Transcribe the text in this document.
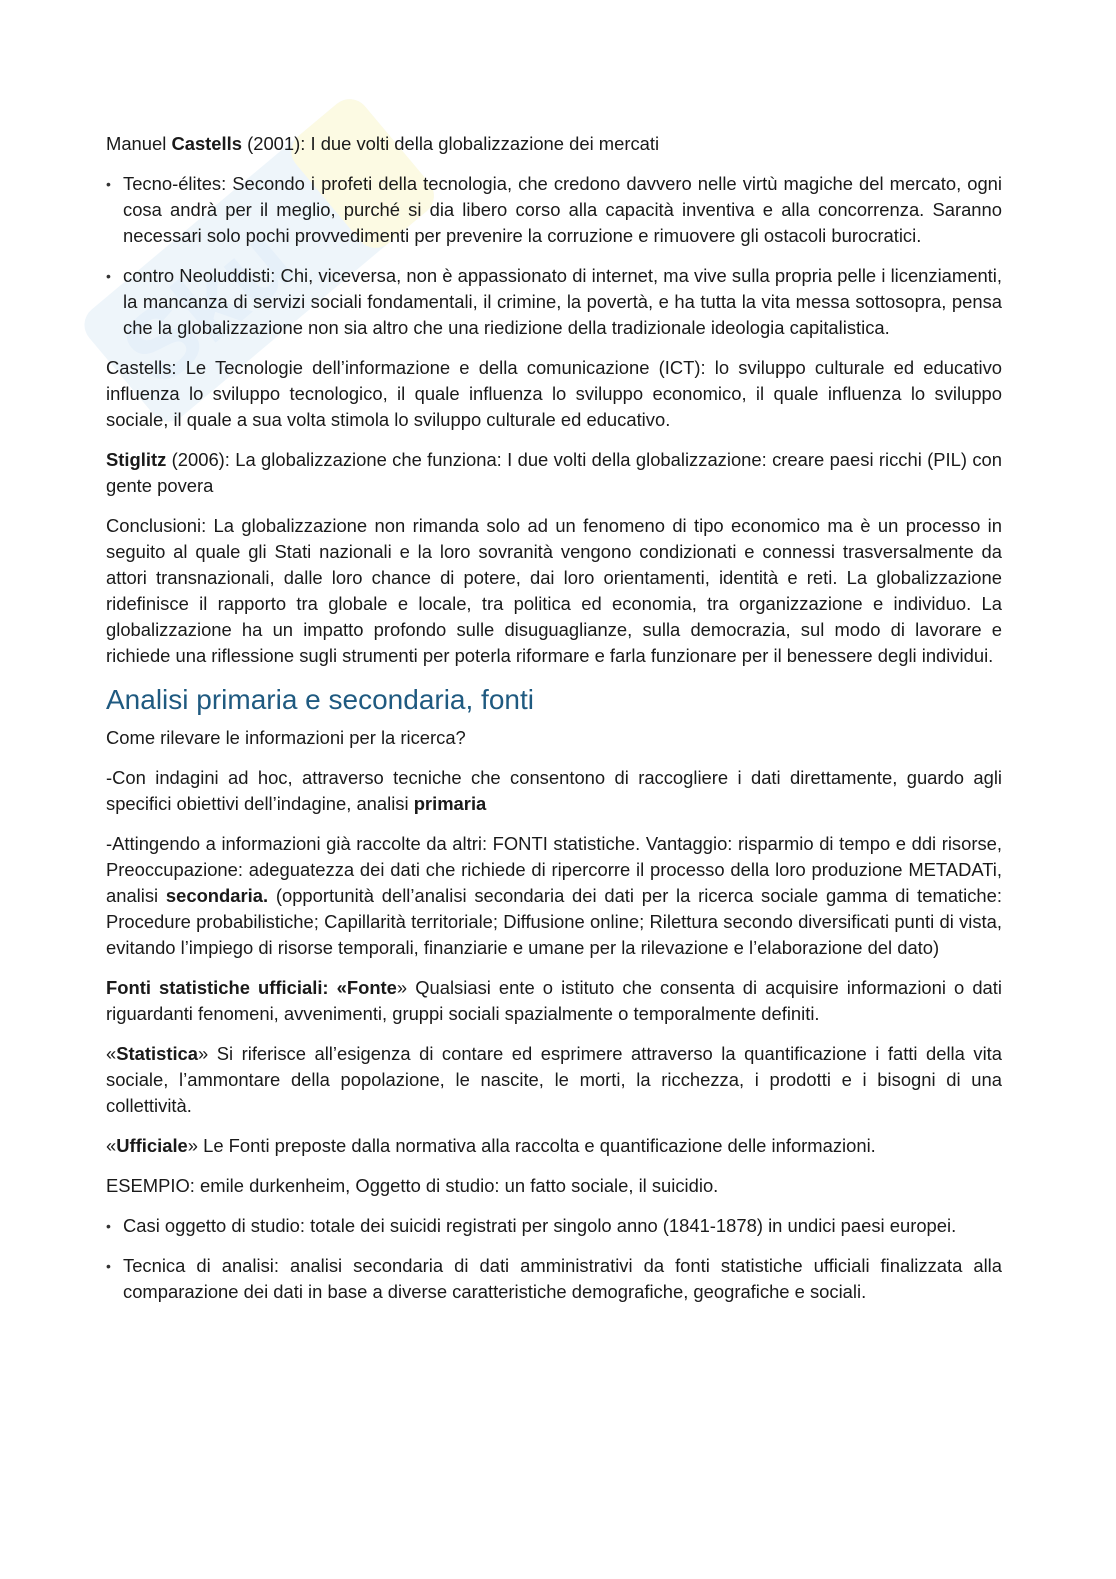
Sku

Manuel Castells (2001): I due volti della globalizzazione dei mercati

• Tecno-élites: Secondo i profeti della tecnologia, che credono davvero nelle virtù magiche del mercato, ogni cosa andrà per il meglio, purché si dia libero corso alla capacità inventiva e alla concorrenza. Saranno necessari solo pochi provvedimenti per prevenire la corruzione e rimuovere gli ostacoli burocratici.

• contro Neoluddisti: Chi, viceversa, non è appassionato di internet, ma vive sulla propria pelle i licenziamenti, la mancanza di servizi sociali fondamentali, il crimine, la povertà, e ha tutta la vita messa sottosopra, pensa che la globalizzazione non sia altro che una riedizione della tradizionale ideologia capitalistica.

Castells: Le Tecnologie dell’informazione e della comunicazione (ICT): lo sviluppo culturale ed educativo influenza lo sviluppo tecnologico, il quale influenza lo sviluppo economico, il quale influenza lo sviluppo sociale, il quale a sua volta stimola lo sviluppo culturale ed educativo.

Stiglitz (2006): La globalizzazione che funziona: I due volti della globalizzazione: creare paesi ricchi (PIL) con gente povera

Conclusioni: La globalizzazione non rimanda solo ad un fenomeno di tipo economico ma è un processo in seguito al quale gli Stati nazionali e la loro sovranità vengono condizionati e connessi trasversalmente da attori transnazionali, dalle loro chance di potere, dai loro orientamenti, identità e reti. La globalizzazione ridefinisce il rapporto tra globale e locale, tra politica ed economia, tra organizzazione e individuo. La globalizzazione ha un impatto profondo sulle disuguaglianze, sulla democrazia, sul modo di lavorare e richiede una riflessione sugli strumenti per poterla riformare e farla funzionare per il benessere degli individui.

Analisi primaria e secondaria, fonti

Come rilevare le informazioni per la ricerca?

-Con indagini ad hoc, attraverso tecniche che consentono di raccogliere i dati direttamente, guardo agli specifici obiettivi dell’indagine, analisi primaria

-Attingendo a informazioni già raccolte da altri: FONTI statistiche. Vantaggio: risparmio di tempo e ddi risorse, Preoccupazione: adeguatezza dei dati che richiede di ripercorre il processo della loro produzione METADATi, analisi secondaria. (opportunità dell’analisi secondaria dei dati per la ricerca sociale gamma di tematiche: Procedure probabilistiche; Capillarità territoriale; Diffusione online; Rilettura secondo diversificati punti di vista, evitando l’impiego di risorse temporali, finanziarie e umane per la rilevazione e l’elaborazione del dato)

Fonti statistiche ufficiali: «Fonte» Qualsiasi ente o istituto che consenta di acquisire informazioni o dati riguardanti fenomeni, avvenimenti, gruppi sociali spazialmente o temporalmente definiti.

«Statistica» Si riferisce all’esigenza di contare ed esprimere attraverso la quantificazione i fatti della vita sociale, l’ammontare della popolazione, le nascite, le morti, la ricchezza, i prodotti e i bisogni di una collettività.

«Ufficiale» Le Fonti preposte dalla normativa alla raccolta e quantificazione delle informazioni.

ESEMPIO: emile durkenheim, Oggetto di studio: un fatto sociale, il suicidio.

• Casi oggetto di studio: totale dei suicidi registrati per singolo anno (1841-1878) in undici paesi europei.

• Tecnica di analisi: analisi secondaria di dati amministrativi da fonti statistiche ufficiali finalizzata alla comparazione dei dati in base a diverse caratteristiche demografiche, geografiche e sociali.
